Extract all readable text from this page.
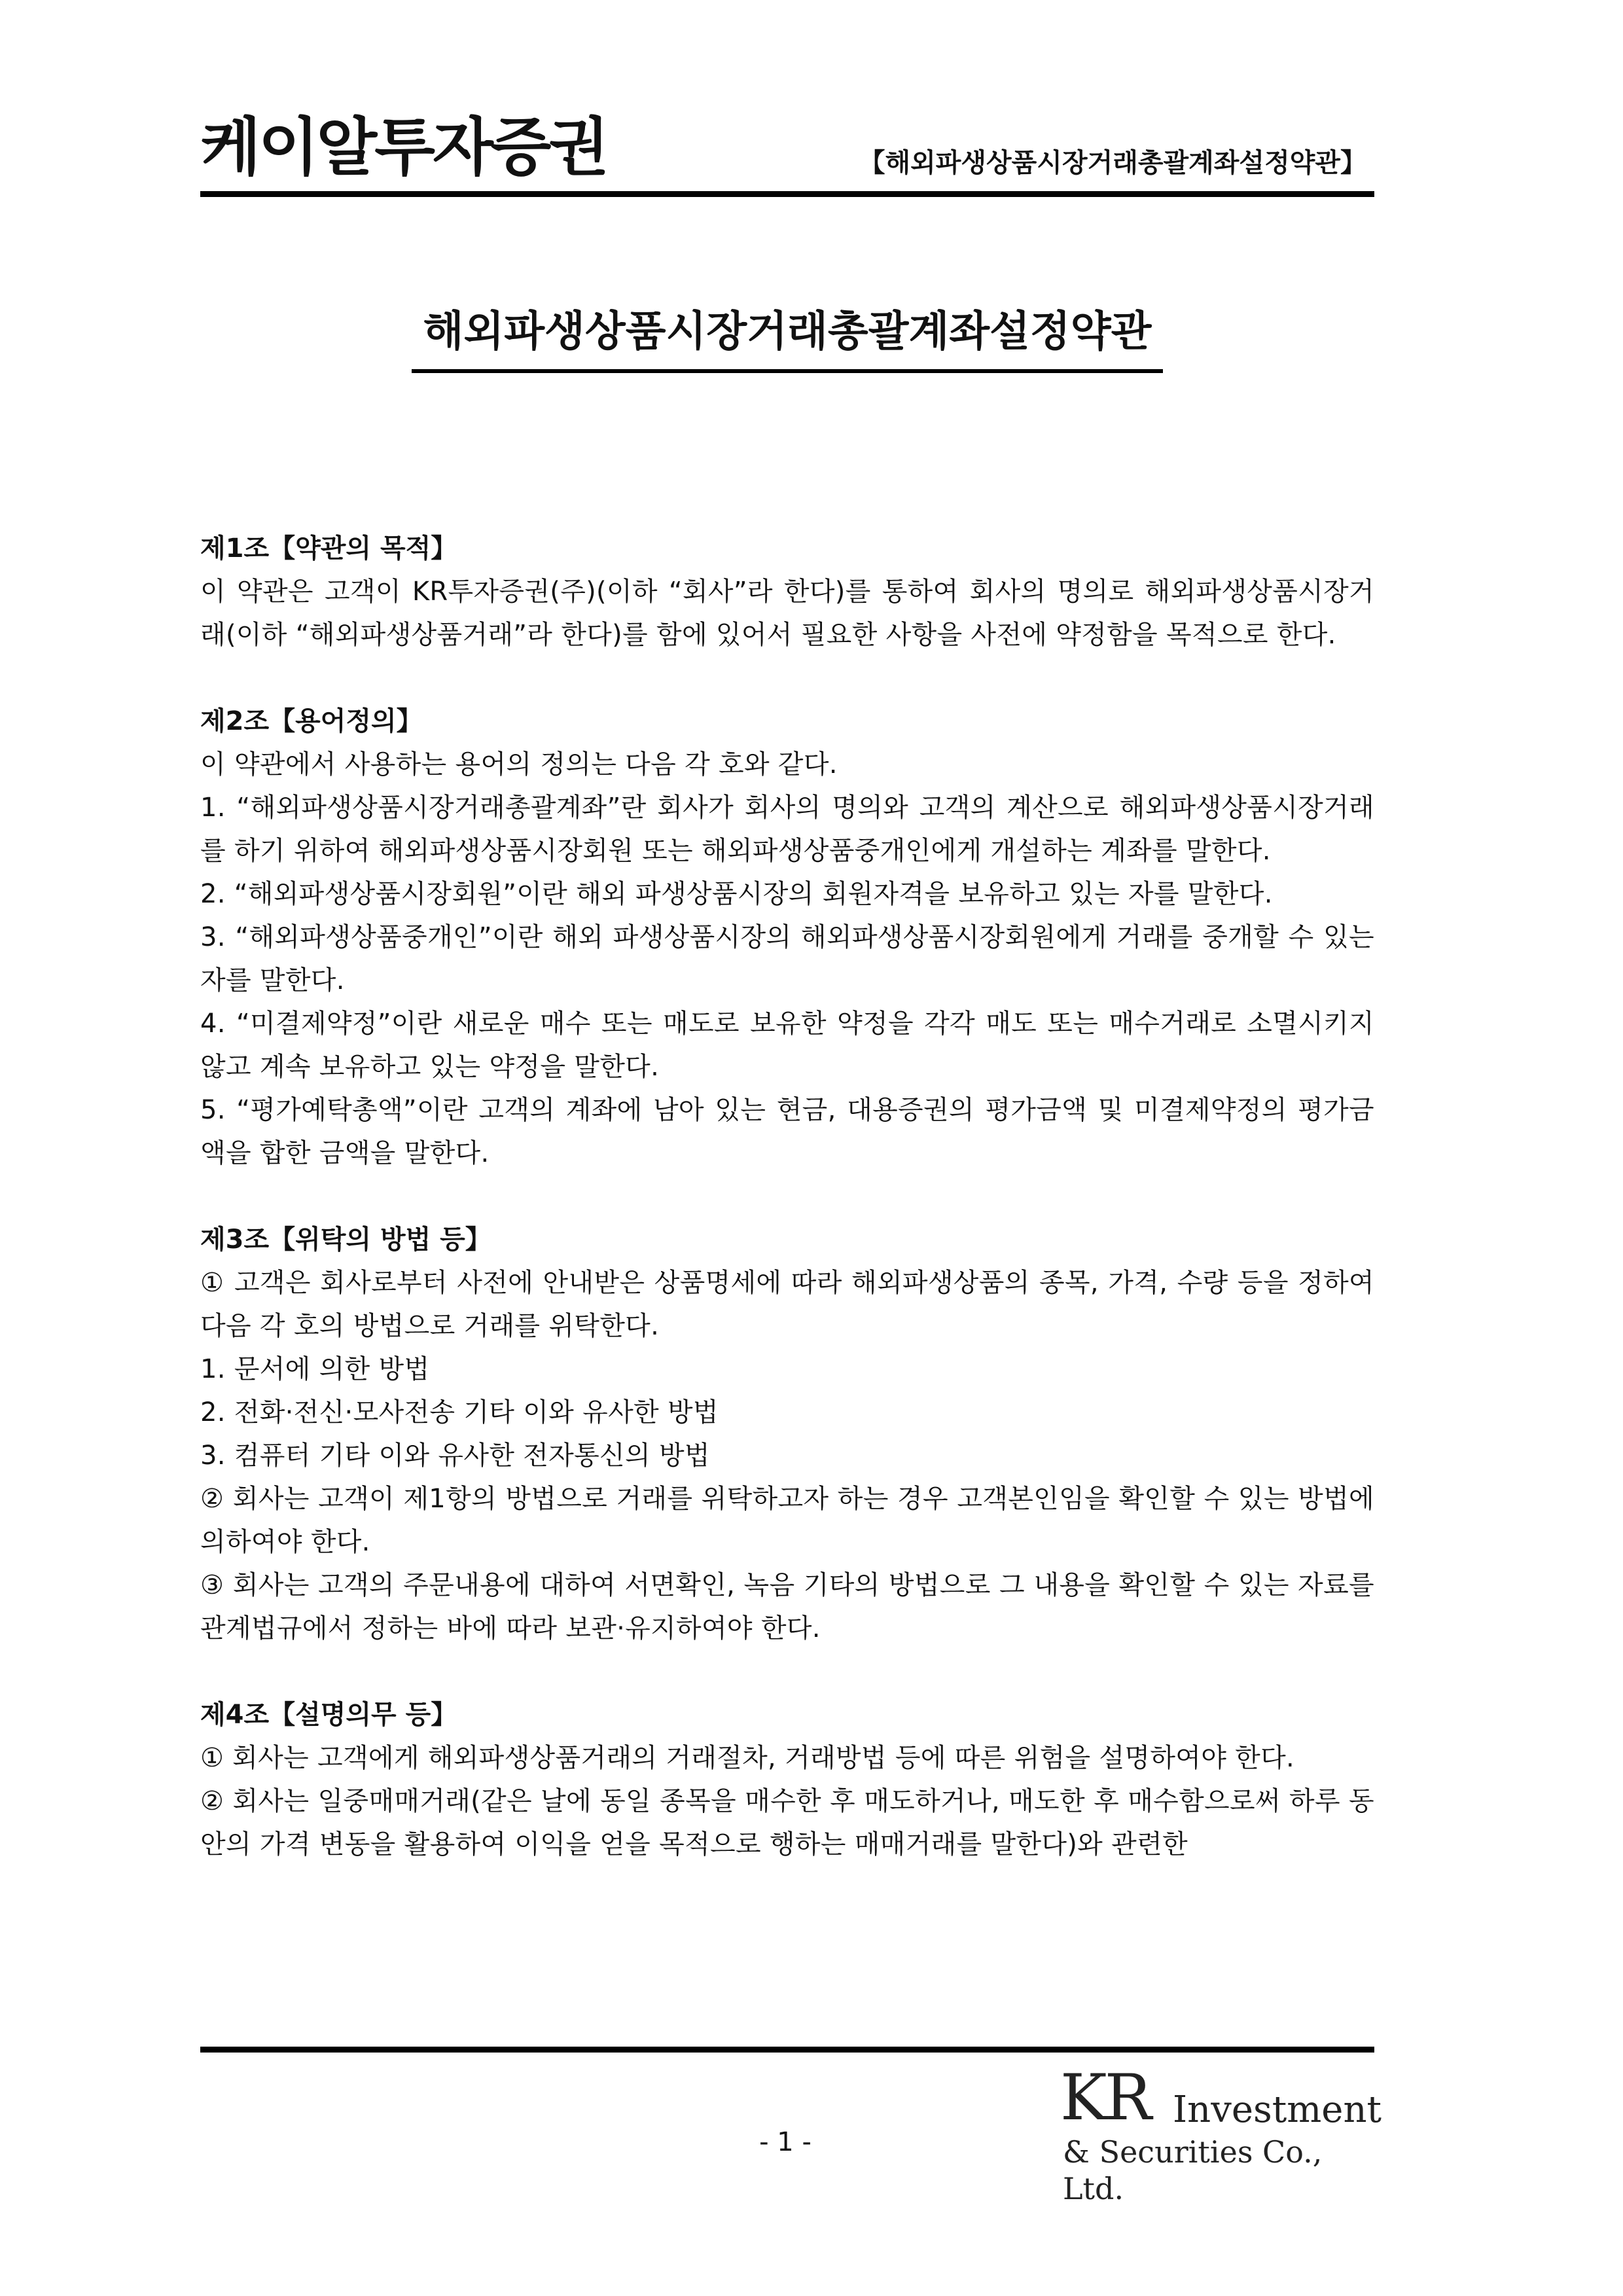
케이알투자증권	【해외파생상품시장거래총괄계좌설정약관】
해외파생상품시장거래총괄계좌설정약관

제1조【약관의 목적】

이 약관은 고객이 KR투자증권(주)(이하 “회사”라 한다)를 통하여 회사의 명의로 해외파생상품시장거래(이하 “해외파생상품거래”라 한다)를 함에 있어서 필요한 사항을 사전에 약정함을 목적으로 한다.

제2조【용어정의】

이 약관에서 사용하는 용어의 정의는 다음 각 호와 같다.

1. “해외파생상품시장거래총괄계좌”란 회사가 회사의 명의와 고객의 계산으로 해외파생상품시장거래를 하기 위하여 해외파생상품시장회원 또는 해외파생상품중개인에게 개설하는 계좌를 말한다.

2. “해외파생상품시장회원”이란 해외 파생상품시장의 회원자격을 보유하고 있는 자를 말한다.

3. “해외파생상품중개인”이란 해외 파생상품시장의 해외파생상품시장회원에게 거래를 중개할 수 있는 자를 말한다.

4. “미결제약정”이란 새로운 매수 또는 매도로 보유한 약정을 각각 매도 또는 매수거래로 소멸시키지 않고 계속 보유하고 있는 약정을 말한다.

5. “평가예탁총액”이란 고객의 계좌에 남아 있는 현금, 대용증권의 평가금액 및 미결제약정의 평가금액을 합한 금액을 말한다.

제3조【위탁의 방법 등】

① 고객은 회사로부터 사전에 안내받은 상품명세에 따라 해외파생상품의 종목, 가격, 수량 등을 정하여 다음 각 호의 방법으로 거래를 위탁한다.

1. 문서에 의한 방법

2. 전화·전신·모사전송 기타 이와 유사한 방법

3. 컴퓨터 기타 이와 유사한 전자통신의 방법

② 회사는 고객이 제1항의 방법으로 거래를 위탁하고자 하는 경우 고객본인임을 확인할 수 있는 방법에 의하여야 한다.

③ 회사는 고객의 주문내용에 대하여 서면확인, 녹음 기타의 방법으로 그 내용을 확인할 수 있는 자료를 관계법규에서 정하는 바에 따라 보관·유지하여야 한다.

제4조【설명의무 등】

① 회사는 고객에게 해외파생상품거래의 거래절차, 거래방법 등에 따른 위험을 설명하여야 한다.

② 회사는 일중매매거래(같은 날에 동일 종목을 매수한 후 매도하거나, 매도한 후 매수함으로써 하루 동안의 가격 변동을 활용하여 이익을 얻을 목적으로 행하는 매매거래를 말한다)와 관련한

- 1 -
KR Investment
& Securities Co., Ltd.
